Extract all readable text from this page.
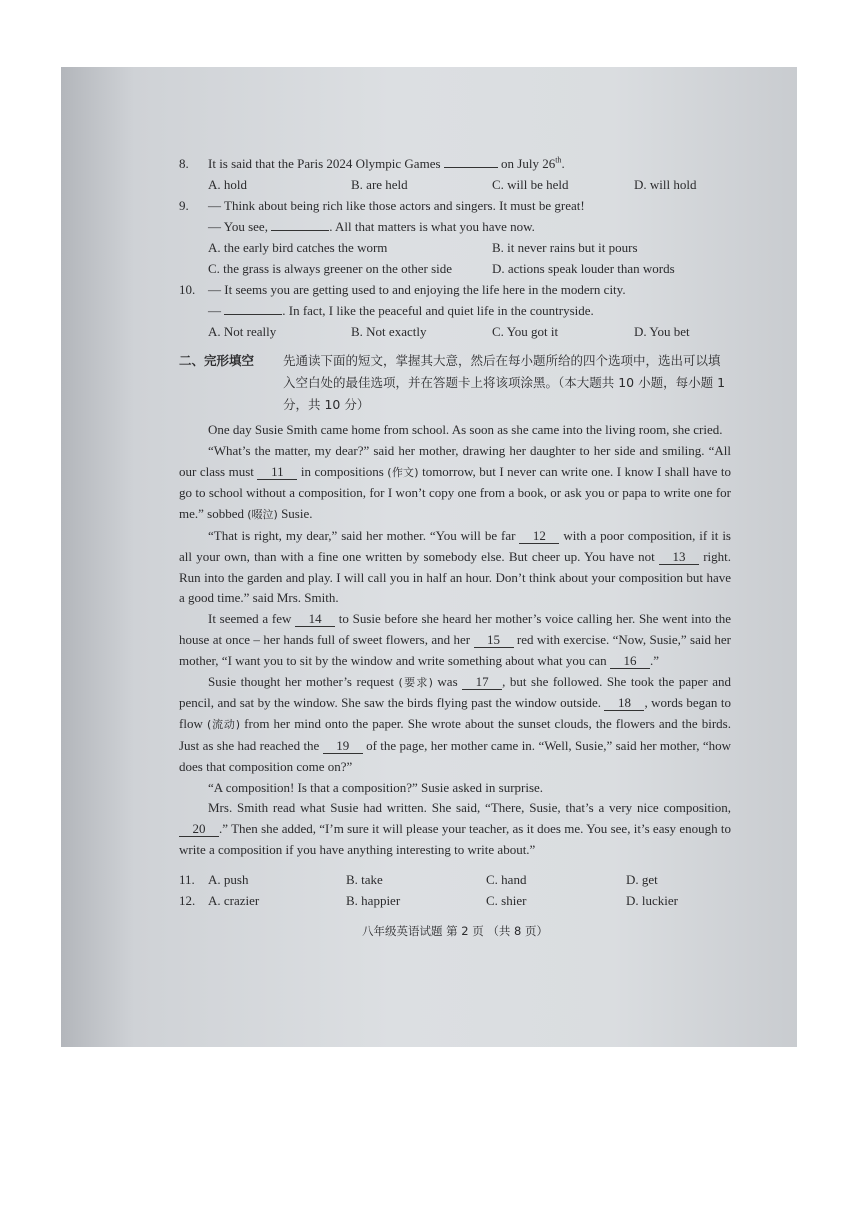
8.	It is said that the Paris 2024 Olympic Games	on July 26th.
A. hold	B. are held	C. will be held	D. will hold
9.	— Think about being rich like those actors and singers. It must be great!
— You see,
	. All that matters is what you have now.
A. the early bird catches the worm	B. it never rains but it pours
C. the grass is always greener on the other side	D. actions speak louder than words
10. — It seems you are getting used to and enjoying the life here in the modern city.
—
	. In fact, I like the peaceful and quiet life in the countryside.
A. Not really	B. Not exactly	C. You got it	D. You bet
二、完形填空	先通读下面的短文，掌握其大意，然后在每小题所给的四个选项中，选出可以填入空白处的最佳选项，并在答题卡上将该项涂黑。（本大题共 10 小题，每小题 1 分，共 10 分）

One day Susie Smith came home from school. As soon as she came into the living room, she cried.

“What’s the matter, my dear?” said her mother, drawing her daughter to her side and smiling. “All our class must 11 in compositions (作文) tomorrow, but I never can write one. I know I shall have to go to school without a composition, for I won’t copy one from a book, or ask you or papa to write one for me.” sobbed (啜泣) Susie.

“That is right, my dear,” said her mother. “You will be far 12 with a poor composition, if it is all your own, than with a fine one written by somebody else. But cheer up. You have not 13 right. Run into the garden and play. I will call you in half an hour. Don’t think about your composition but have a good time.” said Mrs. Smith.

It seemed a few 14 to Susie before she heard her mother’s voice calling her. She went into the house at once – her hands full of sweet flowers, and her 15 red with exercise. “Now, Susie,” said her mother, “I want you to sit by the window and write something about what you can 16 .”

Susie thought her mother’s request (要求) was 17 , but she followed. She took the paper and pencil, and sat by the window. She saw the birds flying past the window outside. 18 , words began to flow (流动) from her mind onto the paper. She wrote about the sunset clouds, the flowers and the birds. Just as she had reached the 19 of the page, her mother came in. “Well, Susie,” said her mother, “how does that composition come on?”

“A composition! Is that a composition?” Susie asked in surprise.

Mrs. Smith read what Susie had written. She said, “There, Susie, that’s a very nice composition, 20 .” Then she added, “I’m sure it will please your teacher, as it does me. You see, it’s easy enough to write a composition if you have anything interesting to write about.”

11.	A. push	B. take	C. hand	D. get
12. A. crazier	B. happier	C. shier	D. luckier
八年级英语试题 第 2 页 （共 8 页）
